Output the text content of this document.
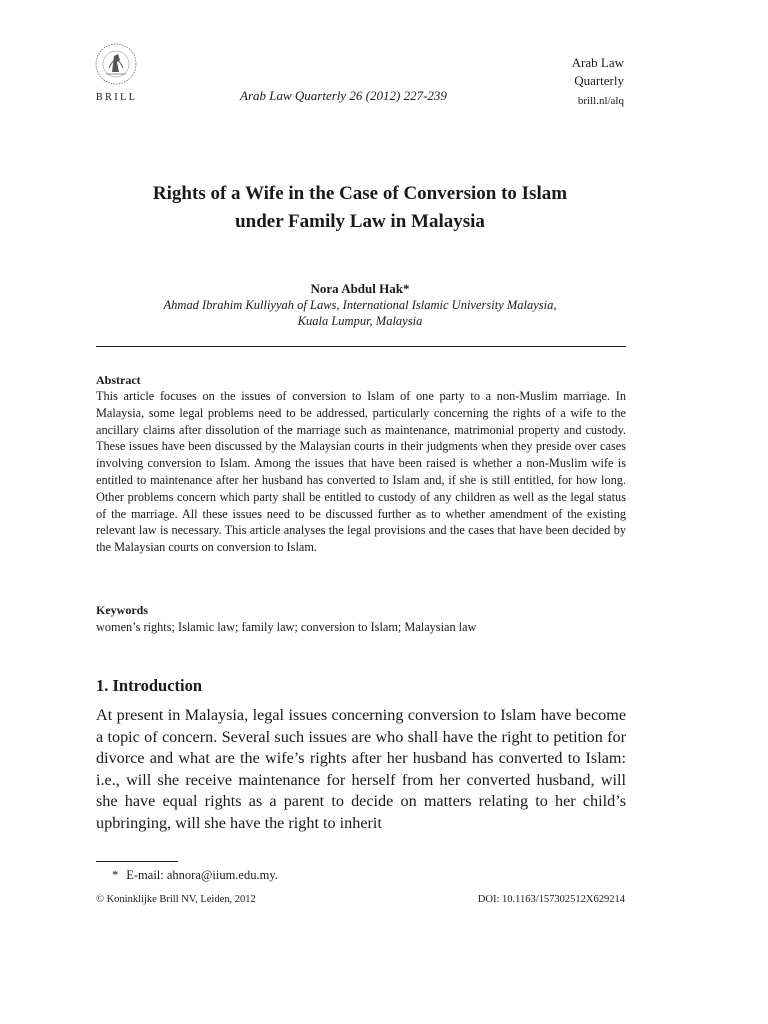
BRILL	Arab Law Quarterly 26 (2012) 227-239
Arab Law
Quarterly
brill.nl/alq
Rights of a Wife in the Case of Conversion to Islam
under Family Law in Malaysia
Nora Abdul Hak*
Ahmad Ibrahim Kulliyyah of Laws, International Islamic University Malaysia,
Kuala Lumpur, Malaysia
Abstract
This article focuses on the issues of conversion to Islam of one party to a non-Muslim marriage. In Malaysia, some legal problems need to be addressed, particularly concerning the rights of a wife to the ancillary claims after dissolution of the marriage such as maintenance, matrimonial property and custody. These issues have been discussed by the Malaysian courts in their judgments when they preside over cases involving conversion to Islam. Among the issues that have been raised is whether a non-Muslim wife is entitled to maintenance after her husband has converted to Islam and, if she is still entitled, for how long. Other problems concern which party shall be entitled to custody of any children as well as the legal status of the marriage. All these issues need to be discussed further as to whether amendment of the existing relevant law is necessary. This article analyses the legal provisions and the cases that have been decided by the Malaysian courts on conversion to Islam.
Keywords
women’s rights; Islamic law; family law; conversion to Islam; Malaysian law
1. Introduction
At present in Malaysia, legal issues concerning conversion to Islam have become a topic of concern. Several such issues are who shall have the right to petition for divorce and what are the wife’s rights after her husband has converted to Islam: i.e., will she receive maintenance for herself from her converted husband, will she have equal rights as a parent to decide on matters relating to her child’s upbringing, will she have the right to inherit
* E-mail: ahnora@iium.edu.my.
© Koninklijke Brill NV, Leiden, 2012	DOI: 10.1163/157302512X629214
